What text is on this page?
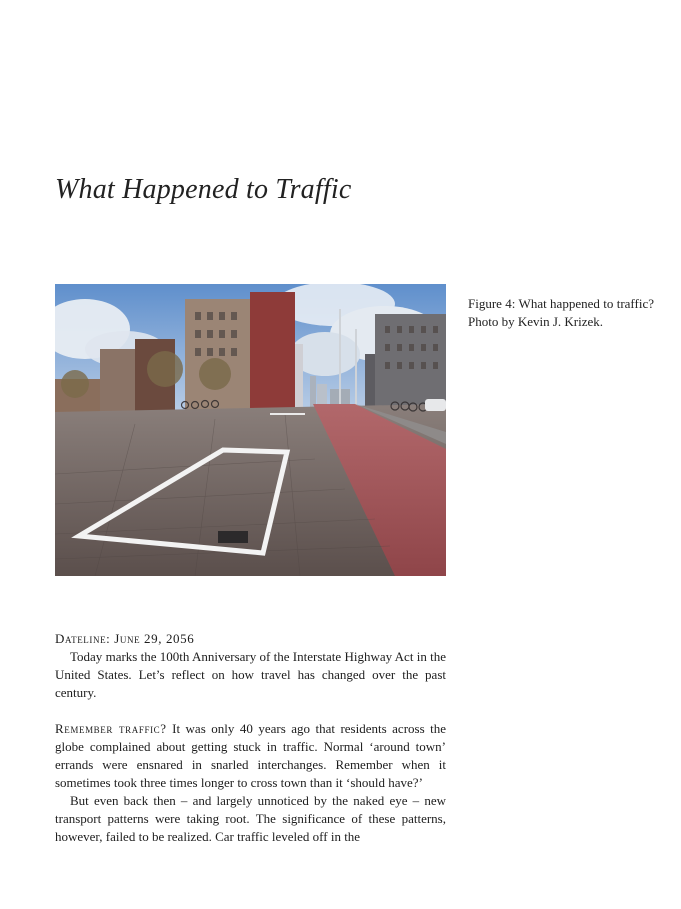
What Happened to Traffic

Figure 4: What happened to traffic? Photo by Kevin J. Krizek.

Dateline: June 29, 2056

Today marks the 100th Anniversary of the Interstate Highway Act in the United States. Let’s reflect on how travel has changed over the past century.

Remember traffic? It was only 40 years ago that residents across the globe complained about getting stuck in traffic. Normal ‘around town’ errands were ensnared in snarled interchanges. Remember when it sometimes took three times longer to cross town than it ‘should have?’

But even back then – and largely unnoticed by the naked eye – new transport patterns were taking root. The significance of these patterns, however, failed to be realized. Car traffic leveled off in the
